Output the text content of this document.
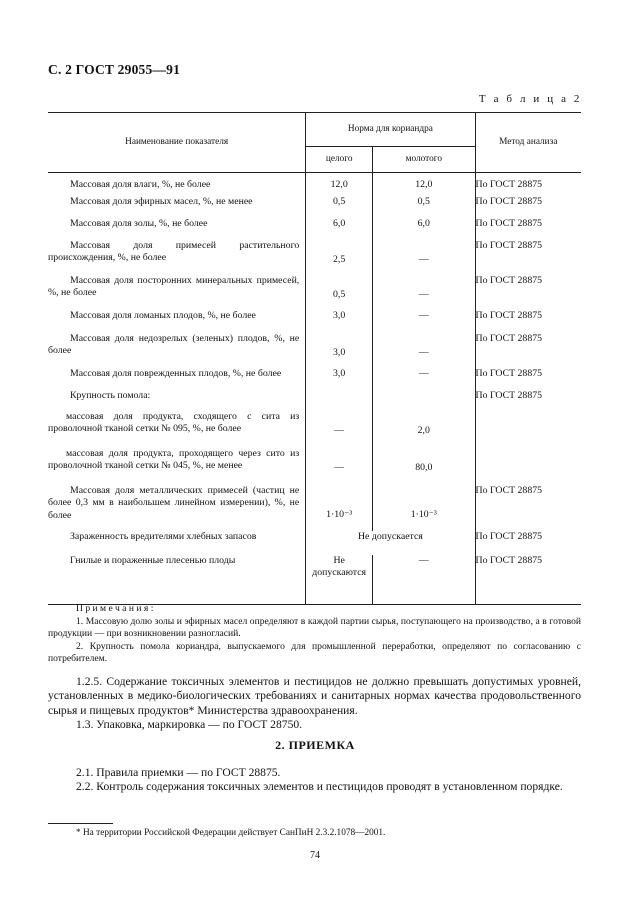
С. 2 ГОСТ 29055—91
Т а б л и ц а 2
Наименование показателя	Норма для кориандра		Метод анализа
	целого	молотого	
Массовая доля влаги, %, не более	12,0	12,0	По ГОСТ 28875
Массовая доля эфирных масел, %, не менее	0,5	0,5	По ГОСТ 28875
Массовая доля золы, %, не более	6,0	6,0	По ГОСТ 28875
Массовая доля примесей растительного происхождения, %, не более	2,5	—	По ГОСТ 28875
Массовая доля посторонних минеральных примесей, %, не более	0,5	—	По ГОСТ 28875
Массовая доля ломаных плодов, %, не более	3,0	—	По ГОСТ 28875
Массовая доля недозрелых (зеленых) плодов, %, не более	3,0	—	По ГОСТ 28875
Массовая доля поврежденных плодов, %, не более	3,0	—	По ГОСТ 28875
Крупность помола:			По ГОСТ 28875
массовая доля продукта, сходящего с сита из проволочной тканой сетки № 095, %, не более	—	2,0	
массовая доля продукта, проходящего через сито из проволочной тканой сетки № 045, %, не менее	—	80,0	
Массовая доля металлических примесей (частиц не более 0,3 мм в наибольшем линейном измерении), %, не более	1·10⁻³	1·10⁻³	По ГОСТ 28875
Зараженность вредителями хлебных запасов	Не допускается		По ГОСТ 28875
Гнилые и пораженные плесенью плоды	Не допускаются	—	По ГОСТ 28875
Примечания:

1. Массовую долю золы и эфирных масел определяют в каждой партии сырья, поступающего на производство, а в готовой продукции — при возникновении разногласий.

2. Крупность помола кориандра, выпускаемого для промышленной переработки, определяют по согласованию с потребителем.

1.2.5. Содержание токсичных элементов и пестицидов не должно превышать допустимых уровней, установленных в медико-биологических требованиях и санитарных нормах качества продовольственного сырья и пищевых продуктов* Министерства здравоохранения.

1.3. Упаковка, маркировка — по ГОСТ 28750.

2. ПРИЕМКА

2.1. Правила приемки — по ГОСТ 28875.

2.2. Контроль содержания токсичных элементов и пестицидов проводят в установленном порядке.

* На территории Российской Федерации действует СанПиН 2.3.2.1078—2001.
74
